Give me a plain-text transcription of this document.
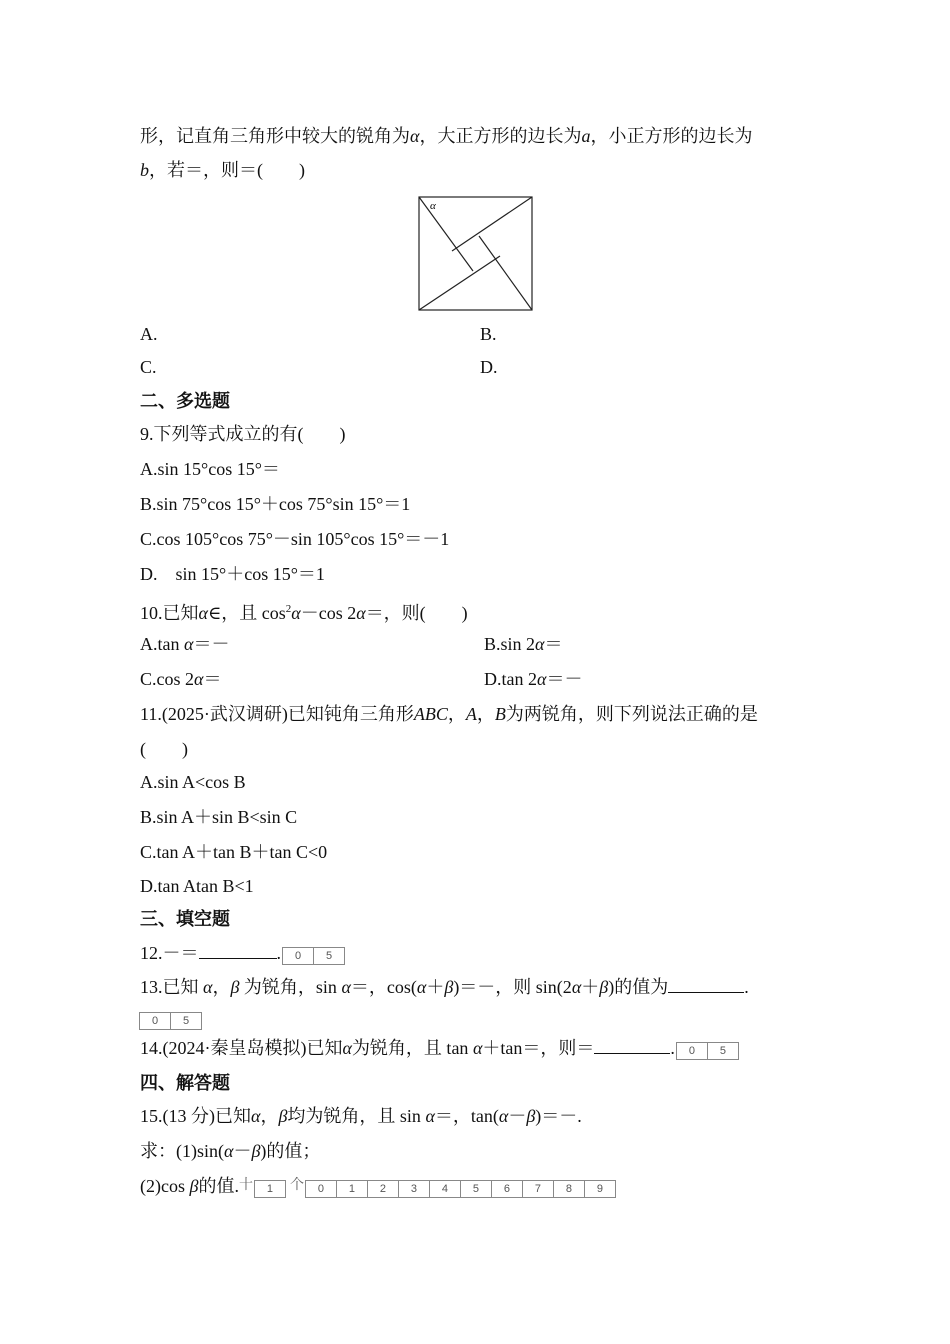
形，记直角三角形中较大的锐角为α，大正方形的边长为a，小正方形的边长为
b，若＝，则＝(　　)
α
A.	B.
C.	D.
二、多选题
9.下列等式成立的有(　　)
A.sin 15°cos 15°＝
B.sin 75°cos 15°＋cos 75°sin 15°＝1
C.cos 105°cos 75°－sin 105°cos 15°＝－1
D.　sin 15°＋cos 15°＝1
10.已知α∈，且 $\cos^2\alpha-\cos$ 2α＝，则(　　)
A.tan α＝－	B.sin 2α＝
C.cos 2α＝	D.tan 2α＝－
11.(2025·武汉调研)已知钝角三角形ABC，A，B为两锐角，则下列说法正确的是
(　　)
A.sin A<cos B
B.sin A＋sin B<sin C
C.tan A＋tan B＋tan C<0
D.tan Atan B<1
三、填空题
12.－＝	. 0 5
13.已知 α，β 为锐角，sin α＝，cos(α＋β)＝－，则 sin(2α＋β)的值为	.
0 5
14.(2024·秦皇岛模拟)已知α为锐角，且 tan α＋tan＝，则＝	. 0 5
四、解答题
15.(13 分)已知α，β均为锐角，且 sin α＝，tan(α－β)＝－.
求：(1)sin(α－β)的值；
(2)cos β的值.十 1 个 0 1 2 3 4 5 6 7 8 9
